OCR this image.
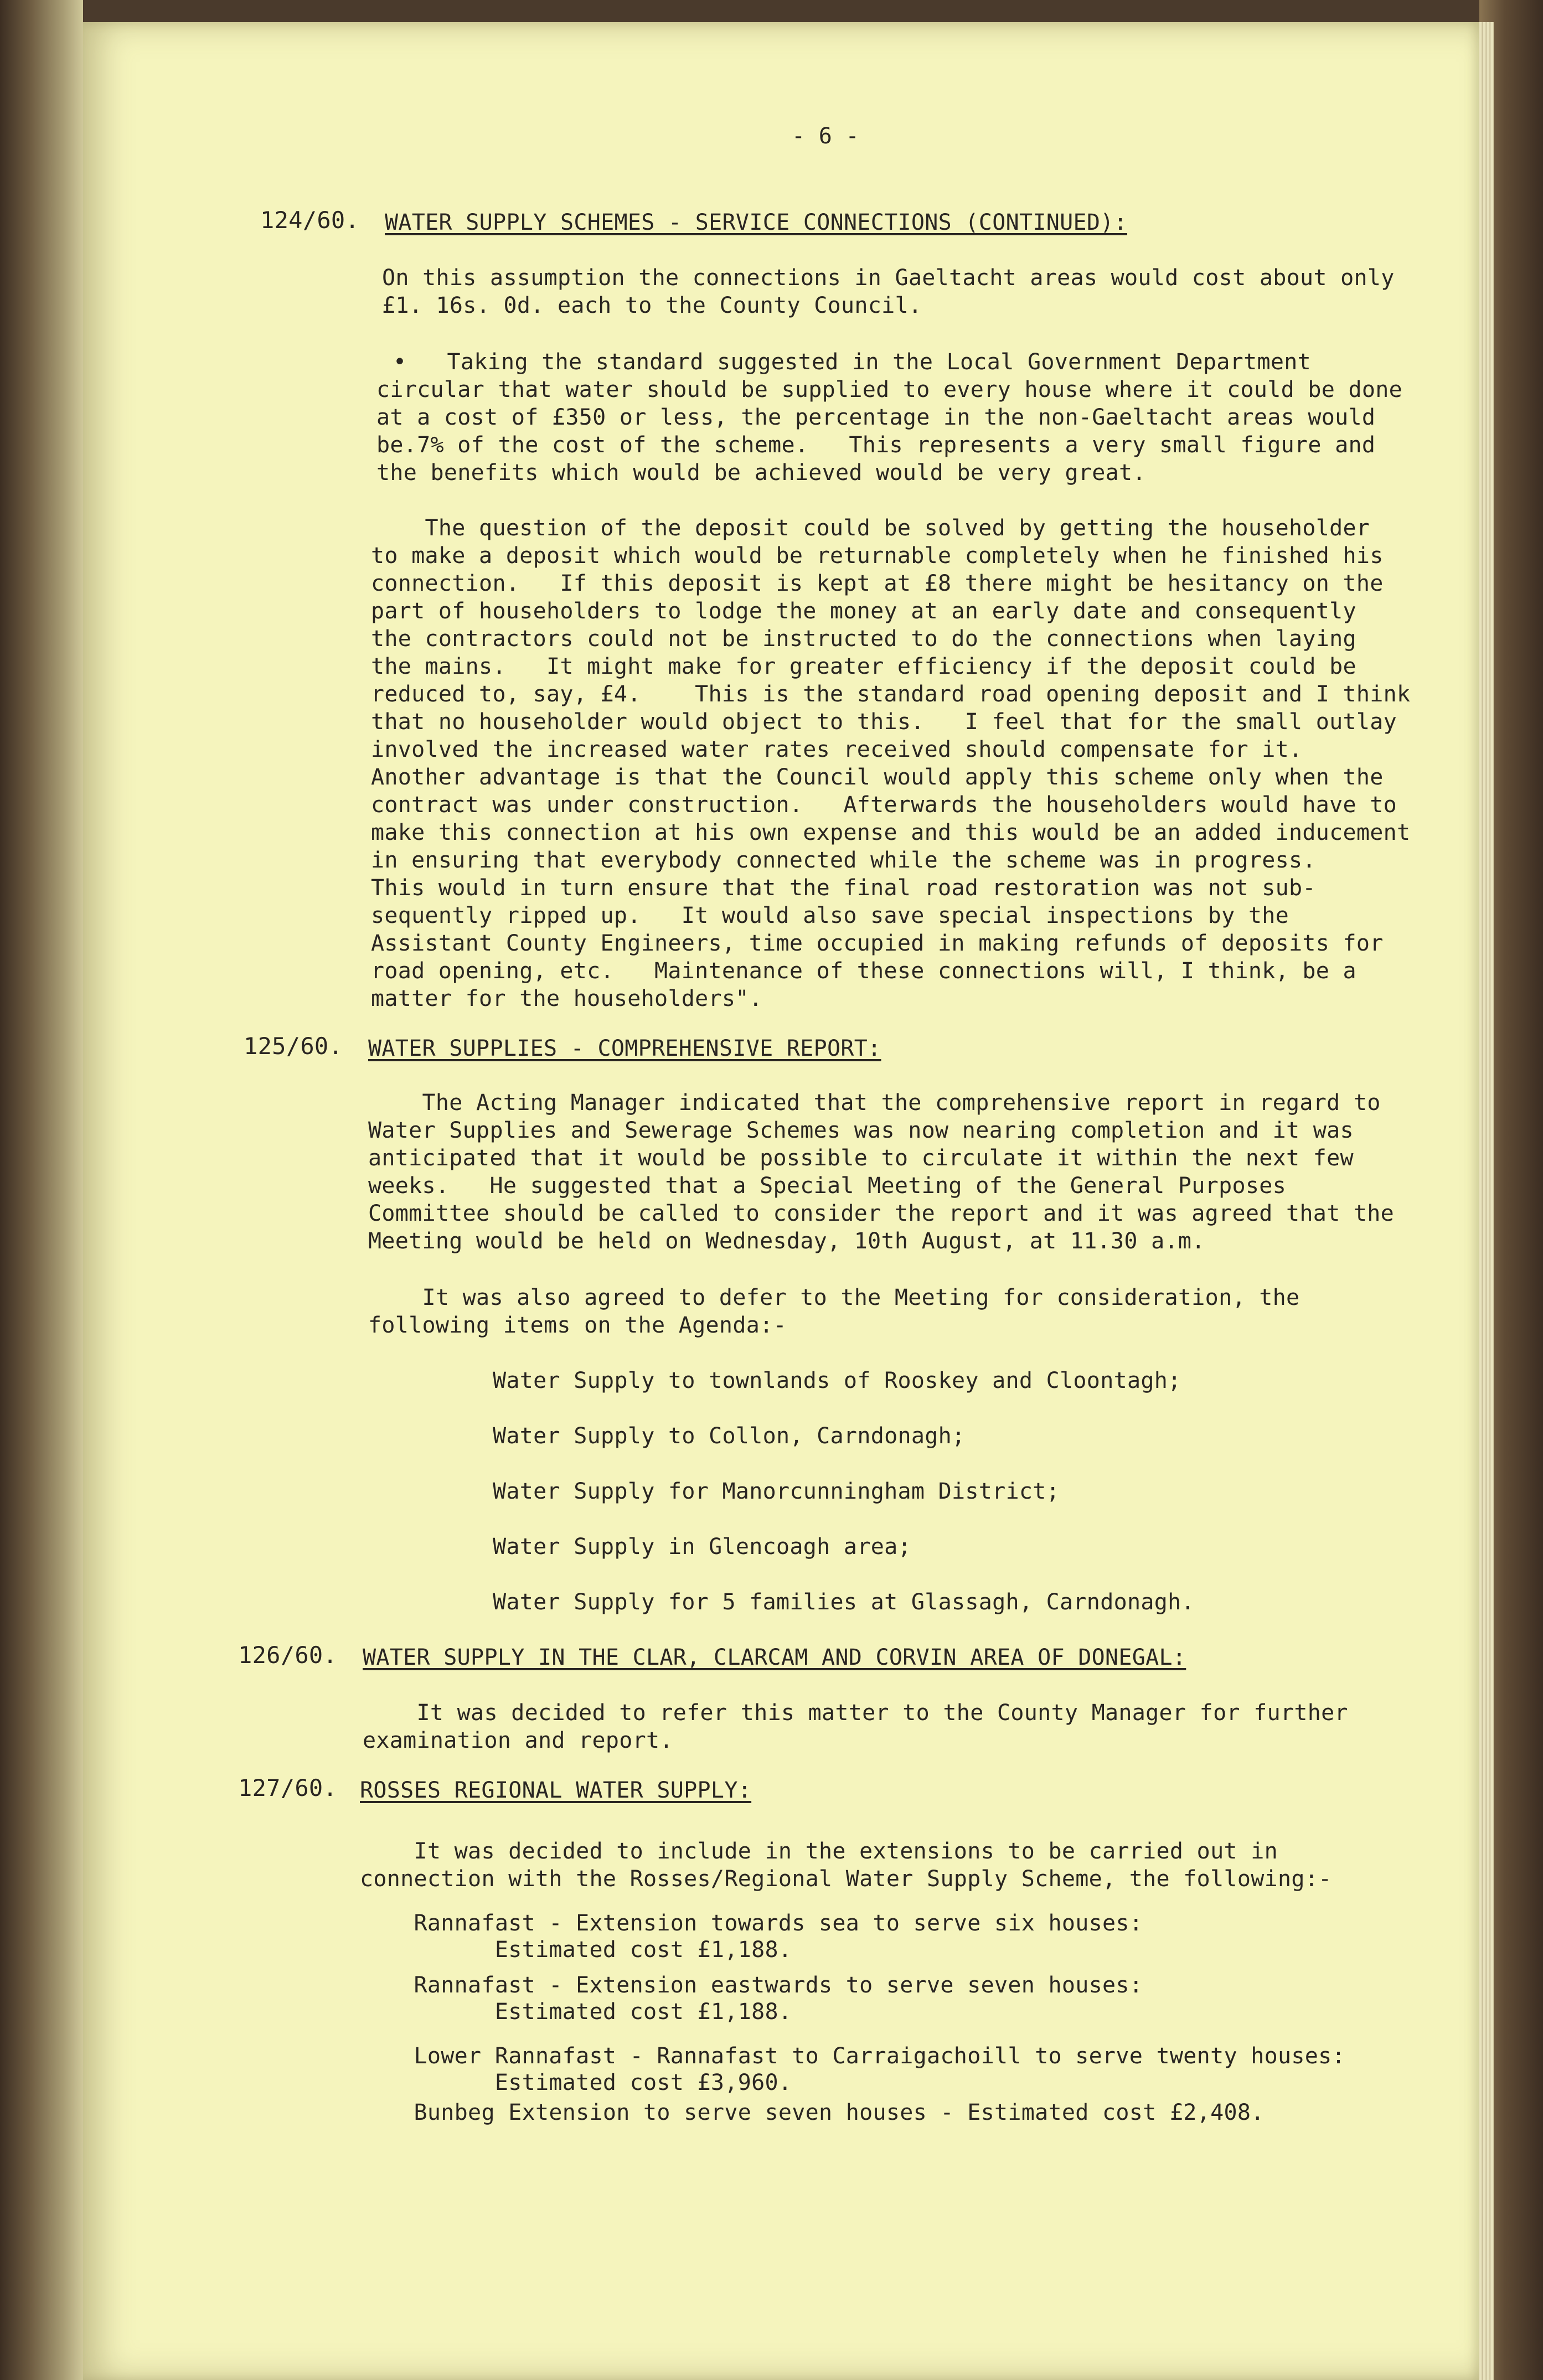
- 6 -

124/60. WATER SUPPLY SCHEMES - SERVICE CONNECTIONS (CONTINUED):

On this assumption the connections in Gaeltacht areas would cost about only

£1. 16s. 0d. each to the County Council.

•   Taking the standard suggested in the Local Government Department

circular that water should be supplied to every house where it could be done

at a cost of £350 or less, the percentage in the non-Gaeltacht areas would

be.7% of the cost of the scheme.   This represents a very small figure and

the benefits which would be achieved would be very great.

The question of the deposit could be solved by getting the householder

to make a deposit which would be returnable completely when he finished his

connection.   If this deposit is kept at £8 there might be hesitancy on the

part of householders to lodge the money at an early date and consequently

the contractors could not be instructed to do the connections when laying

the mains.   It might make for greater efficiency if the deposit could be

reduced to, say, £4.    This is the standard road opening deposit and I think

that no householder would object to this.   I feel that for the small outlay

involved the increased water rates received should compensate for it.

Another advantage is that the Council would apply this scheme only when the

contract was under construction.   Afterwards the householders would have to

make this connection at his own expense and this would be an added inducement

in ensuring that everybody connected while the scheme was in progress.

This would in turn ensure that the final road restoration was not sub-

sequently ripped up.   It would also save special inspections by the

Assistant County Engineers, time occupied in making refunds of deposits for

road opening, etc.   Maintenance of these connections will, I think, be a

matter for the householders".

125/60. WATER SUPPLIES - COMPREHENSIVE REPORT:

The Acting Manager indicated that the comprehensive report in regard to

Water Supplies and Sewerage Schemes was now nearing completion and it was

anticipated that it would be possible to circulate it within the next few

weeks.   He suggested that a Special Meeting of the General Purposes

Committee should be called to consider the report and it was agreed that the

Meeting would be held on Wednesday, 10th August, at 11.30 a.m.

It was also agreed to defer to the Meeting for consideration, the

following items on the Agenda:-

Water Supply to townlands of Rooskey and Cloontagh;

Water Supply to Collon, Carndonagh;

Water Supply for Manorcunningham District;

Water Supply in Glencoagh area;

Water Supply for 5 families at Glassagh, Carndonagh.

126/60. WATER SUPPLY IN THE CLAR, CLARCAM AND CORVIN AREA OF DONEGAL:

It was decided to refer this matter to the County Manager for further

examination and report.

127/60. ROSSES REGIONAL WATER SUPPLY:

It was decided to include in the extensions to be carried out in

connection with the Rosses/Regional Water Supply Scheme, the following:-

Rannafast - Extension towards sea to serve six houses:

Estimated cost £1,188.

Rannafast - Extension eastwards to serve seven houses:

Estimated cost £1,188.

Lower Rannafast - Rannafast to Carraigachoill to serve twenty houses:

Estimated cost £3,960.

Bunbeg Extension to serve seven houses - Estimated cost £2,408.
